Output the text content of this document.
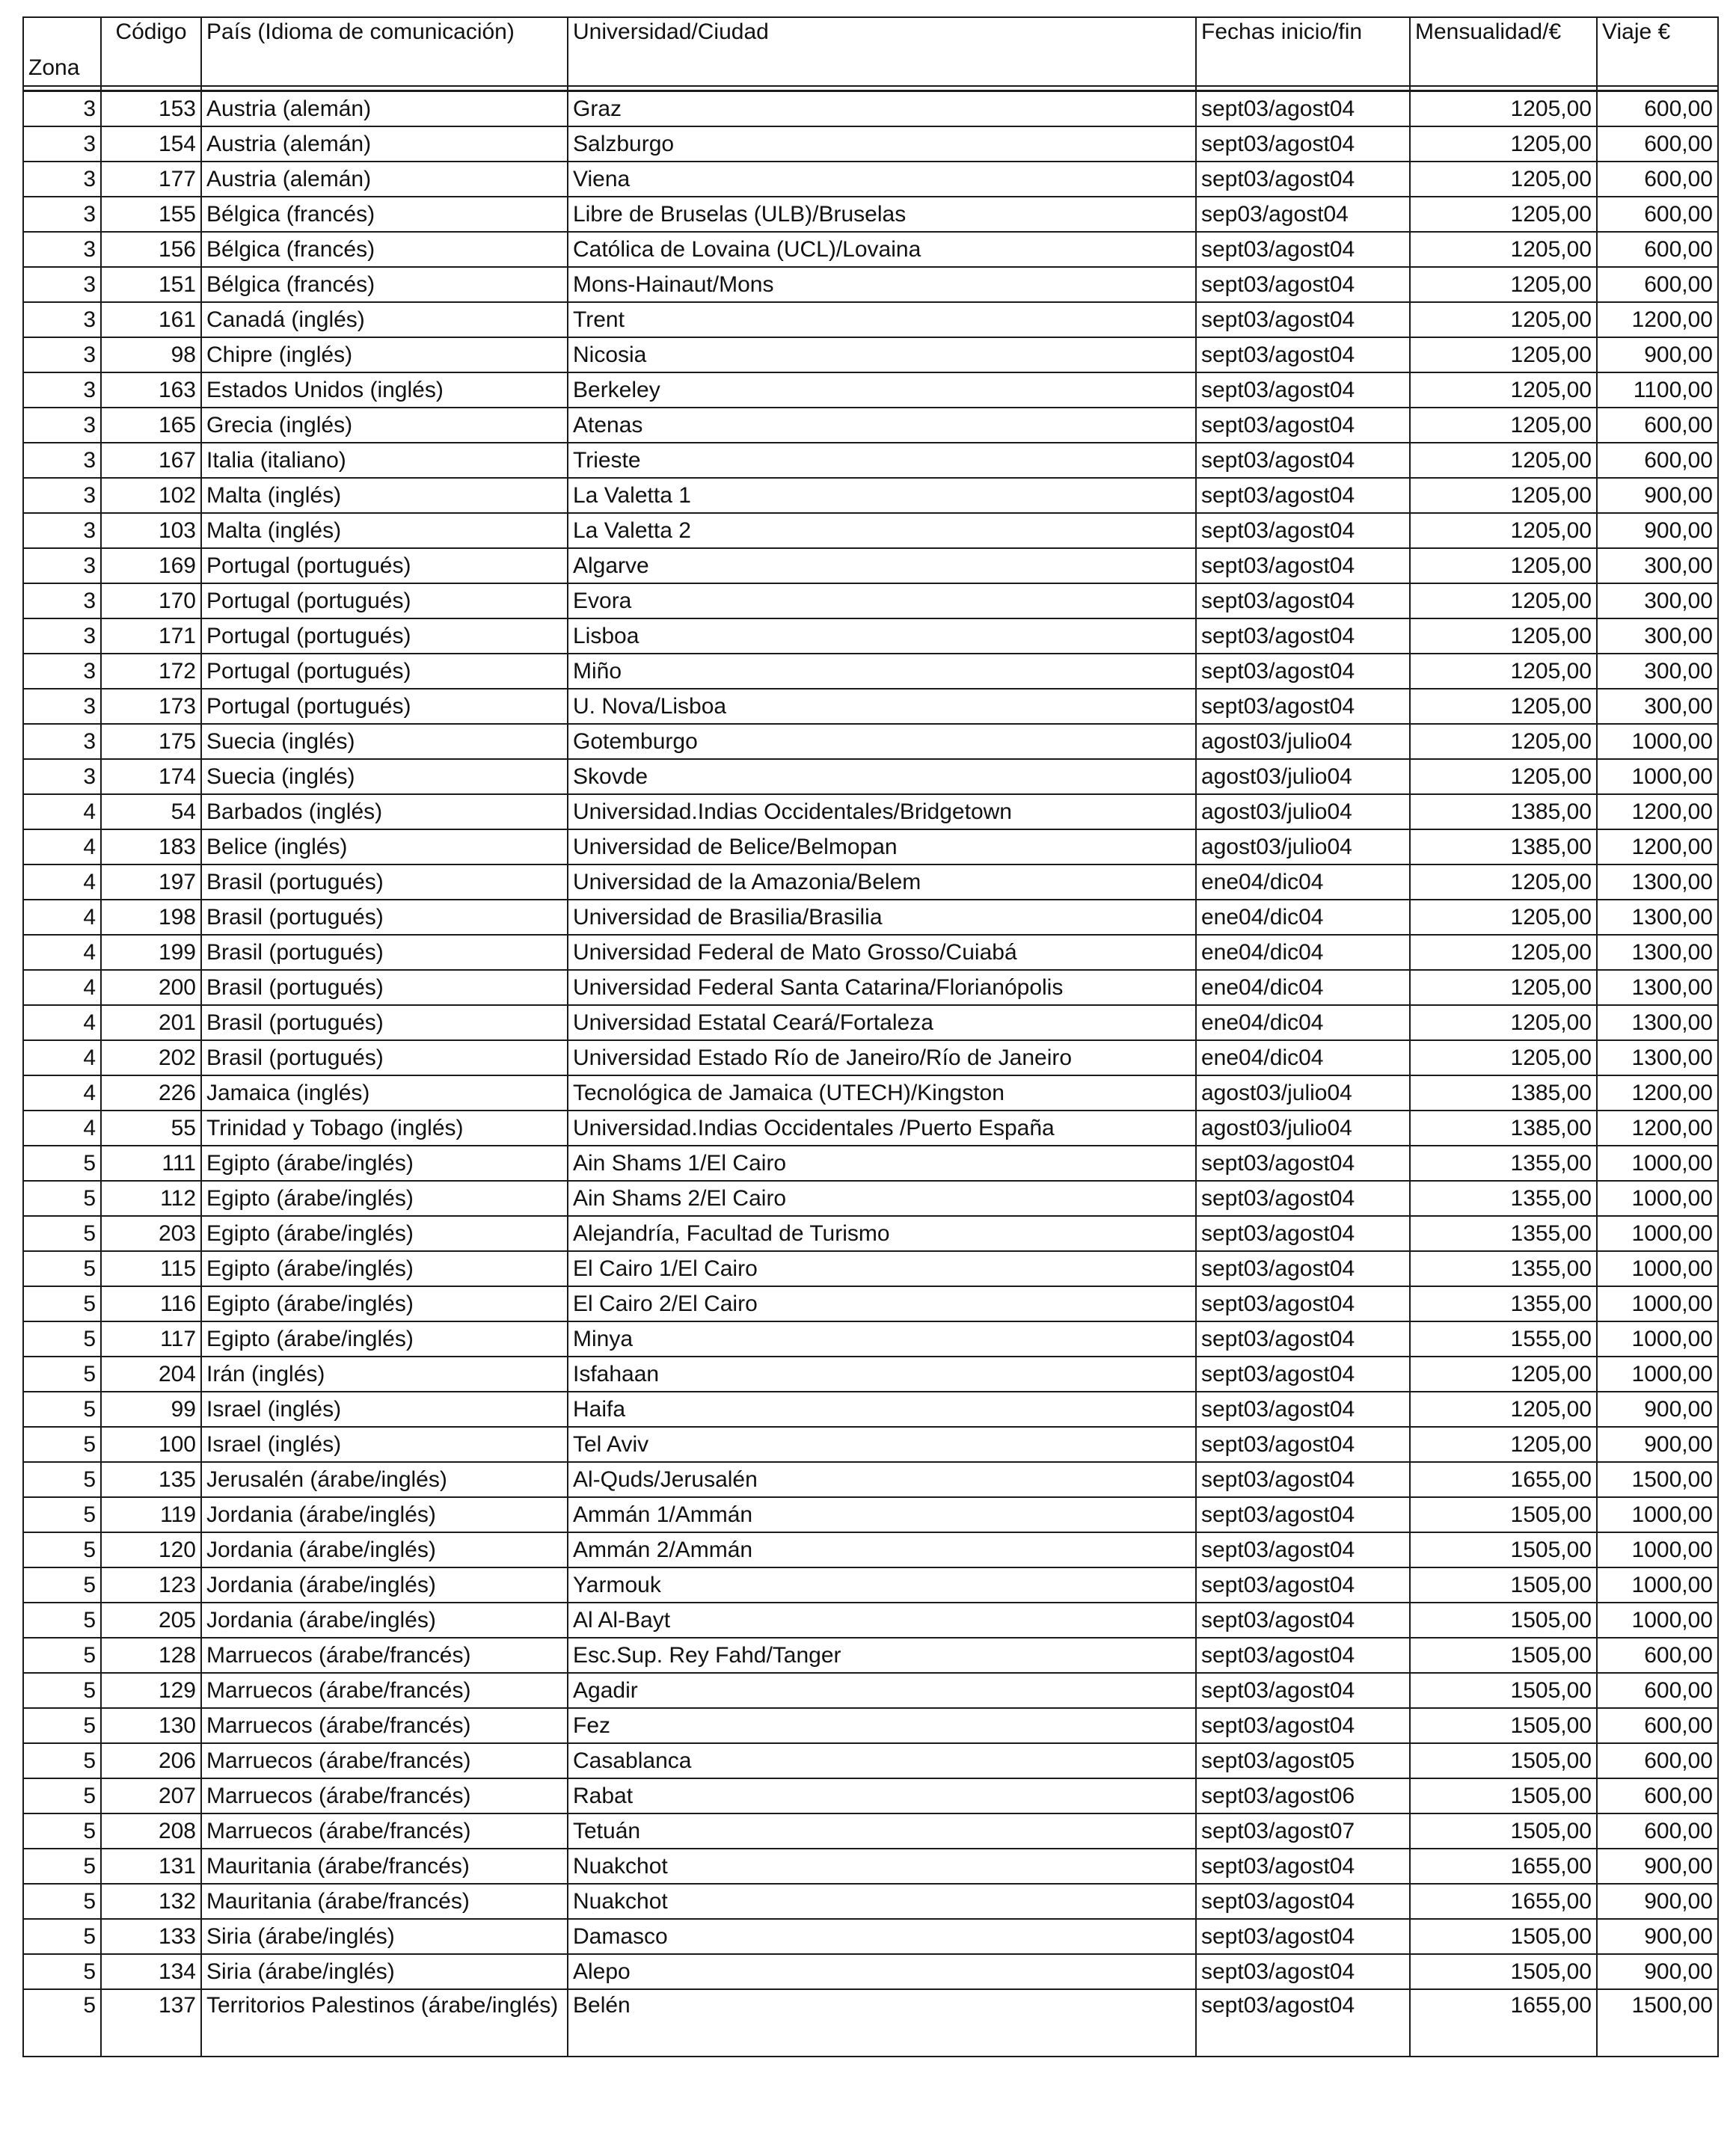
Zona	Código	País (Idioma de comunicación)	Universidad/Ciudad	Fechas inicio/fin	Mensualidad/€	Viaje €

3	153	Austria (alemán)	Graz	sept03/agost04	1205,00	600,00
3	154	Austria (alemán)	Salzburgo	sept03/agost04	1205,00	600,00
3	177	Austria (alemán)	Viena	sept03/agost04	1205,00	600,00
3	155	Bélgica (francés)	Libre de Bruselas (ULB)/Bruselas	sep03/agost04	1205,00	600,00
3	156	Bélgica (francés)	Católica de Lovaina (UCL)/Lovaina	sept03/agost04	1205,00	600,00
3	151	Bélgica (francés)	Mons-Hainaut/Mons	sept03/agost04	1205,00	600,00
3	161	Canadá (inglés)	Trent	sept03/agost04	1205,00	1200,00
3	98	Chipre (inglés)	Nicosia	sept03/agost04	1205,00	900,00
3	163	Estados Unidos (inglés)	Berkeley	sept03/agost04	1205,00	1100,00
3	165	Grecia (inglés)	Atenas	sept03/agost04	1205,00	600,00
3	167	Italia (italiano)	Trieste	sept03/agost04	1205,00	600,00
3	102	Malta (inglés)	La Valetta 1	sept03/agost04	1205,00	900,00
3	103	Malta (inglés)	La Valetta 2	sept03/agost04	1205,00	900,00
3	169	Portugal (portugués)	Algarve	sept03/agost04	1205,00	300,00
3	170	Portugal (portugués)	Evora	sept03/agost04	1205,00	300,00
3	171	Portugal (portugués)	Lisboa	sept03/agost04	1205,00	300,00
3	172	Portugal (portugués)	Miño	sept03/agost04	1205,00	300,00
3	173	Portugal (portugués)	U. Nova/Lisboa	sept03/agost04	1205,00	300,00
3	175	Suecia (inglés)	Gotemburgo	agost03/julio04	1205,00	1000,00
3	174	Suecia (inglés)	Skovde	agost03/julio04	1205,00	1000,00
4	54	Barbados (inglés)	Universidad.Indias Occidentales/Bridgetown	agost03/julio04	1385,00	1200,00
4	183	Belice (inglés)	Universidad de Belice/Belmopan	agost03/julio04	1385,00	1200,00
4	197	Brasil (portugués)	Universidad de la Amazonia/Belem	ene04/dic04	1205,00	1300,00
4	198	Brasil (portugués)	Universidad de Brasilia/Brasilia	ene04/dic04	1205,00	1300,00
4	199	Brasil (portugués)	Universidad Federal de Mato Grosso/Cuiabá	ene04/dic04	1205,00	1300,00
4	200	Brasil (portugués)	Universidad Federal Santa Catarina/Florianópolis	ene04/dic04	1205,00	1300,00
4	201	Brasil (portugués)	Universidad Estatal Ceará/Fortaleza	ene04/dic04	1205,00	1300,00
4	202	Brasil (portugués)	Universidad Estado Río de Janeiro/Río de Janeiro	ene04/dic04	1205,00	1300,00
4	226	Jamaica (inglés)	Tecnológica de Jamaica (UTECH)/Kingston	agost03/julio04	1385,00	1200,00
4	55	Trinidad y Tobago (inglés)	Universidad.Indias Occidentales /Puerto España	agost03/julio04	1385,00	1200,00
5	111	Egipto (árabe/inglés)	Ain Shams 1/El Cairo	sept03/agost04	1355,00	1000,00
5	112	Egipto (árabe/inglés)	Ain Shams 2/El Cairo	sept03/agost04	1355,00	1000,00
5	203	Egipto (árabe/inglés)	Alejandría, Facultad de Turismo	sept03/agost04	1355,00	1000,00
5	115	Egipto (árabe/inglés)	El Cairo 1/El Cairo	sept03/agost04	1355,00	1000,00
5	116	Egipto (árabe/inglés)	El Cairo 2/El Cairo	sept03/agost04	1355,00	1000,00
5	117	Egipto (árabe/inglés)	Minya	sept03/agost04	1555,00	1000,00
5	204	Irán (inglés)	Isfahaan	sept03/agost04	1205,00	1000,00
5	99	Israel (inglés)	Haifa	sept03/agost04	1205,00	900,00
5	100	Israel (inglés)	Tel Aviv	sept03/agost04	1205,00	900,00
5	135	Jerusalén (árabe/inglés)	Al-Quds/Jerusalén	sept03/agost04	1655,00	1500,00
5	119	Jordania (árabe/inglés)	Ammán 1/Ammán	sept03/agost04	1505,00	1000,00
5	120	Jordania (árabe/inglés)	Ammán 2/Ammán	sept03/agost04	1505,00	1000,00
5	123	Jordania (árabe/inglés)	Yarmouk	sept03/agost04	1505,00	1000,00
5	205	Jordania (árabe/inglés)	Al Al-Bayt	sept03/agost04	1505,00	1000,00
5	128	Marruecos (árabe/francés)	Esc.Sup. Rey Fahd/Tanger	sept03/agost04	1505,00	600,00
5	129	Marruecos (árabe/francés)	Agadir	sept03/agost04	1505,00	600,00
5	130	Marruecos (árabe/francés)	Fez	sept03/agost04	1505,00	600,00
5	206	Marruecos (árabe/francés)	Casablanca	sept03/agost05	1505,00	600,00
5	207	Marruecos (árabe/francés)	Rabat	sept03/agost06	1505,00	600,00
5	208	Marruecos (árabe/francés)	Tetuán	sept03/agost07	1505,00	600,00
5	131	Mauritania (árabe/francés)	Nuakchot	sept03/agost04	1655,00	900,00
5	132	Mauritania (árabe/francés)	Nuakchot	sept03/agost04	1655,00	900,00
5	133	Siria (árabe/inglés)	Damasco	sept03/agost04	1505,00	900,00
5	134	Siria (árabe/inglés)	Alepo	sept03/agost04	1505,00	900,00
5	137	Territorios Palestinos (árabe/inglés)	Belén	sept03/agost04	1655,00	1500,00
